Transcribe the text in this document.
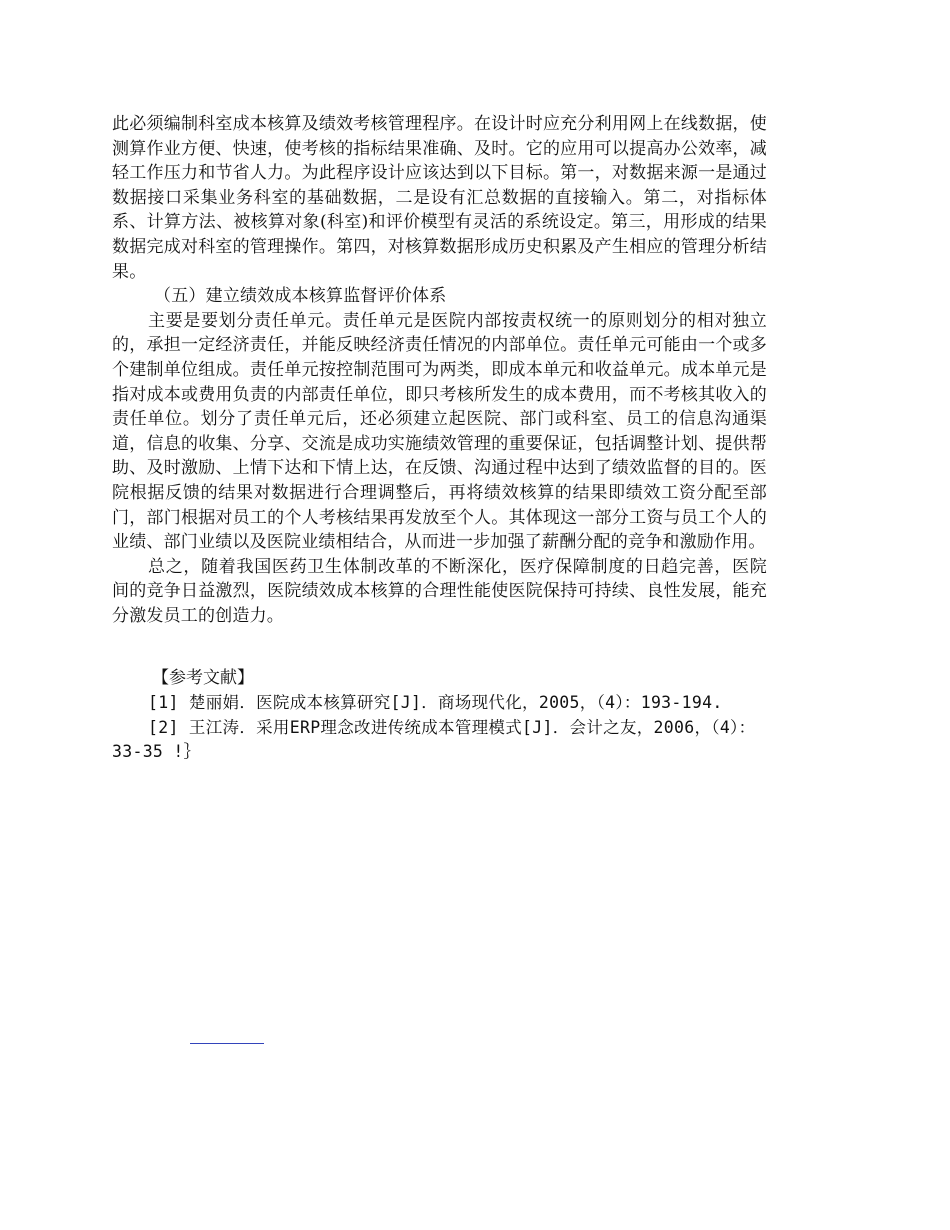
此必须编制科室成本核算及绩效考核管理程序。在设计时应充分利用网上在线数据，使测算作业方便、快速，使考核的指标结果准确、及时。它的应用可以提高办公效率，减轻工作压力和节省人力。为此程序设计应该达到以下目标。第一，对数据来源一是通过数据接口采集业务科室的基础数据，二是设有汇总数据的直接输入。第二，对指标体系、计算方法、被核算对象(科室)和评价模型有灵活的系统设定。第三，用形成的结果数据完成对科室的管理操作。第四，对核算数据形成历史积累及产生相应的管理分析结果。

（五）建立绩效成本核算监督评价体系

主要是要划分责任单元。责任单元是医院内部按责权统一的原则划分的相对独立的，承担一定经济责任，并能反映经济责任情况的内部单位。责任单元可能由一个或多个建制单位组成。责任单元按控制范围可为两类，即成本单元和收益单元。成本单元是指对成本或费用负责的内部责任单位，即只考核所发生的成本费用，而不考核其收入的责任单位。划分了责任单元后，还必须建立起医院、部门或科室、员工的信息沟通渠道，信息的收集、分享、交流是成功实施绩效管理的重要保证，包括调整计划、提供帮助、及时激励、上情下达和下情上达，在反馈、沟通过程中达到了绩效监督的目的。医院根据反馈的结果对数据进行合理调整后，再将绩效核算的结果即绩效工资分配至部门，部门根据对员工的个人考核结果再发放至个人。其体现这一部分工资与员工个人的业绩、部门业绩以及医院业绩相结合，从而进一步加强了薪酬分配的竞争和激励作用。

总之，随着我国医药卫生体制改革的不断深化，医疗保障制度的日趋完善，医院间的竞争日益激烈，医院绩效成本核算的合理性能使医院保持可持续、良性发展，能充分激发员工的创造力。

【参考文献】

[1] 楚丽娟．医院成本核算研究[J]．商场现代化，2005，（4）：193-194.

[2] 王江涛．采用ERP理念改进传统成本管理模式[J]．会计之友，2006，（4）：33-35 !｝
